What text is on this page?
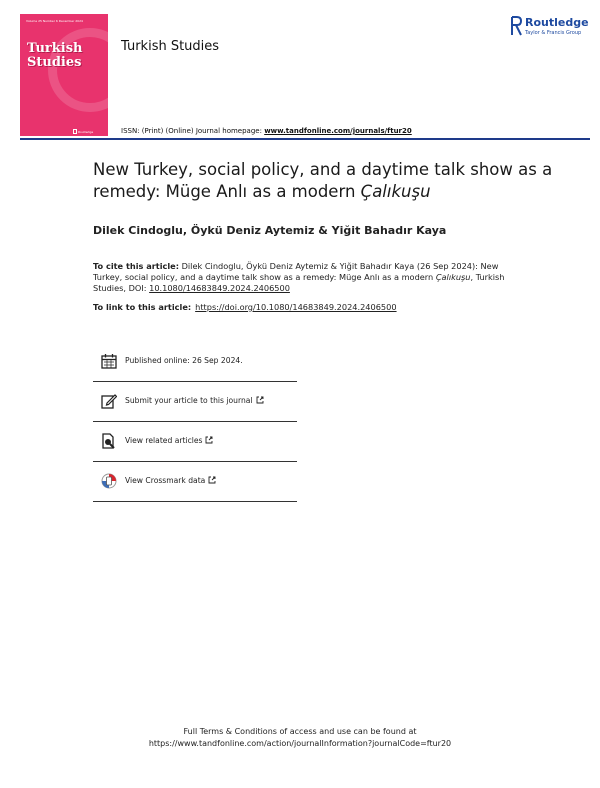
Volume 25 Number 6 December 2024
Turkish
Studies
Routledge
Turkish Studies
Routledge
Taylor & Francis Group
ISSN: (Print) (Online) Journal homepage: www.tandfonline.com/journals/ftur20
New Turkey, social policy, and a daytime talk show as a remedy: Müge Anlı as a modern Çalıkuşu
Dilek Cindoglu, Öykü Deniz Aytemiz & Yiğit Bahadır Kaya
To cite this article: Dilek Cindoglu, Öykü Deniz Aytemiz & Yiğit Bahadır Kaya (26 Sep 2024): New Turkey, social policy, and a daytime talk show as a remedy: Müge Anlı as a modern Çalıkuşu, Turkish Studies, DOI: 10.1080/14683849.2024.2406500
To link to this article: https://doi.org/10.1080/14683849.2024.2406500
Published online: 26 Sep 2024.
Submit your article to this journal
View related articles
View Crossmark data
Full Terms & Conditions of access and use can be found at
https://www.tandfonline.com/action/journalInformation?journalCode=ftur20
